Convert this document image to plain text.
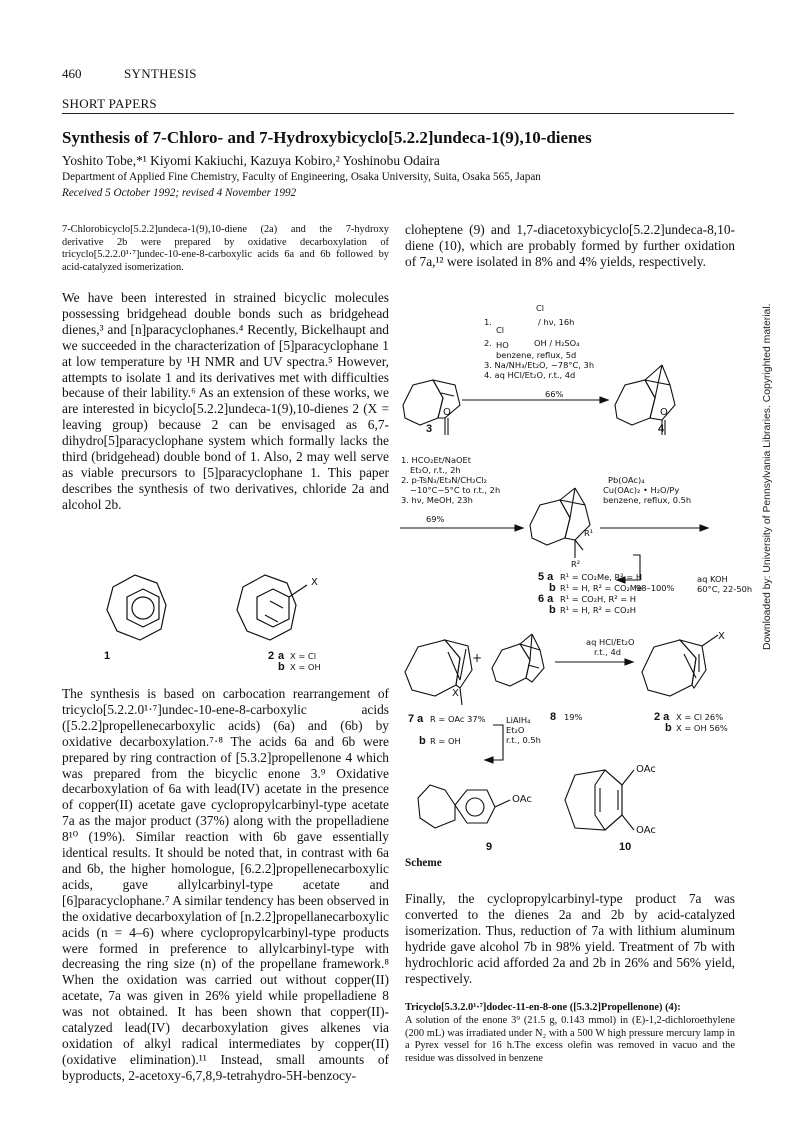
460	SYNTHESIS
SHORT PAPERS
Synthesis of 7-Chloro- and 7-Hydroxybicyclo[5.2.2]undeca-1(9),10-dienes
Yoshito Tobe,*¹ Kiyomi Kakiuchi, Kazuya Kobiro,² Yoshinobu Odaira
Department of Applied Fine Chemistry, Faculty of Engineering, Osaka University, Suita, Osaka 565, Japan
Received 5 October 1992; revised 4 November 1992
7-Chlorobicyclo[5.2.2]undeca-1(9),10-diene (2a) and the 7-hydroxy derivative 2b were prepared by oxidative decarboxylation of tricyclo[5.2.2.0¹·⁷]undec-10-ene-8-carboxylic acids 6a and 6b followed by acid-catalyzed isomerization.
We have been interested in strained bicyclic molecules possessing bridgehead double bonds such as bridgehead dienes,³ and [n]paracyclophanes.⁴ Recently, Bickelhaupt and we succeeded in the characterization of [5]paracyclophane 1 at low temperature by ¹H NMR and UV spectra.⁵ However, attempts to isolate 1 and its derivatives met with difficulties because of their lability.⁶ As an extension of these works, we are interested in bicyclo[5.2.2]undeca-1(9),10-dienes 2 (X = leaving group) because 2 can be envisaged as 6,7-dihydro[5]paracyclophane system which formally lacks the third (bridgehead) double bond of 1. Also, 2 may well serve as viable precursors to [5]paracyclophane 1. This paper describes the synthesis of two derivatives, chloride 2a and alcohol 2b.
1
X
2 a X = Cl
b X = OH
The synthesis is based on carbocation rearrangement of tricyclo[5.2.2.0¹·⁷]undec-10-ene-8-carboxylic acids ([5.2.2]propellenecarboxylic acids) (6a) and (6b) by oxidative decarboxylation.⁷·⁸ The acids 6a and 6b were prepared by ring contraction of [5.3.2]propellenone 4 which was prepared from the bicyclic enone 3.⁹ Oxidative decarboxylation of 6a with lead(IV) acetate in the presence of copper(II) acetate gave cyclopropylcarbinyl-type acetate 7a as the major product (37%) along with the propelladiene 8¹⁰ (19%). Similar reaction with 6b gave essentially identical results. It should be noted that, in contrast with 6a and 6b, the higher homologue, [6.2.2]propellenecarboxylic acids, gave allylcarbinyl-type acetate and [6]paracyclophane.⁷ A similar tendency has been observed in the oxidative decarboxylation of [n.2.2]propellanecarboxylic acids (n = 4–6) where cyclopropylcarbinyl-type products were formed in preference to allylcarbinyl-type with decreasing the ring size (n) of the propellane framework.⁸ When the oxidation was carried out without copper(II) acetate, 7a was given in 26% yield while propelladiene 8 was not obtained. It has been shown that copper(II)-catalyzed lead(IV) decarboxylation gives alkenes via oxidation of alkyl radical intermediates by copper(II) (oxidative elimination).¹¹ Instead, small amounts of byproducts, 2-acetoxy-6,7,8,9-tetrahydro-5H-benzocy-
cloheptene (9) and 1,7-diacetoxybicyclo[5.2.2]undeca-8,10-diene (10), which are probably formed by further oxidation of 7a,¹² were isolated in 8% and 4% yields, respectively.
Cl
1.
Cl
/ hν, 16h
2. HO	OH / H₂SO₄
benzene, reflux, 5d
3. Na/NH₃/Et₂O, −78°C, 3h
4. aq HCl/Et₂O, r.t., 4d
66%
3	4
O	O
1. HCO₂Et/NaOEt
Et₂O, r.t., 2h
2. p-TsN₃/Et₃N/CH₂Cl₂
−10°C~5°C to r.t., 2h
3. hν, MeOH, 23h
69%
Pb(OAc)₄
Cu(OAc)₂ • H₂O/Py
benzene, reflux, 0.5h
R¹
R²
5 a R¹ = CO₂Me, R² = H
b R¹ = H, R² = CO₂Me
98–100%
6 a R¹ = CO₂H, R² = H
b R¹ = H, R² = CO₂H
aq KOH
60°C, 22-50h
aq HCl/Et₂O
r.t., 4d
+
X
X
7 a R = OAc 37%
b R = OH
LiAlH₄
Et₂O
r.t., 0.5h
8 19%	2 a X = Cl 26%
b X = OH 56%
OAc
OAc
OAc
9	10
Scheme
Finally, the cyclopropylcarbinyl-type product 7a was converted to the dienes 2a and 2b by acid-catalyzed isomerization. Thus, reduction of 7a with lithium aluminum hydride gave alcohol 7b in 98% yield. Treatment of 7b with hydrochloric acid afforded 2a and 2b in 26% and 56% yield, respectively.
Tricyclo[5.3.2.0¹·⁷]dodec-11-en-8-one ([5.3.2]Propellenone) (4):
A solution of the enone 3⁹ (21.5 g, 0.143 mmol) in (E)-1,2-dichloroethylene (200 mL) was irradiated under N₂ with a 500 W high pressure mercury lamp in a Pyrex vessel for 16 h.The excess olefin was removed in vacuo and the residue was dissolved in benzene
Downloaded by: University of Pennsylvania Libraries. Copyrighted material.
